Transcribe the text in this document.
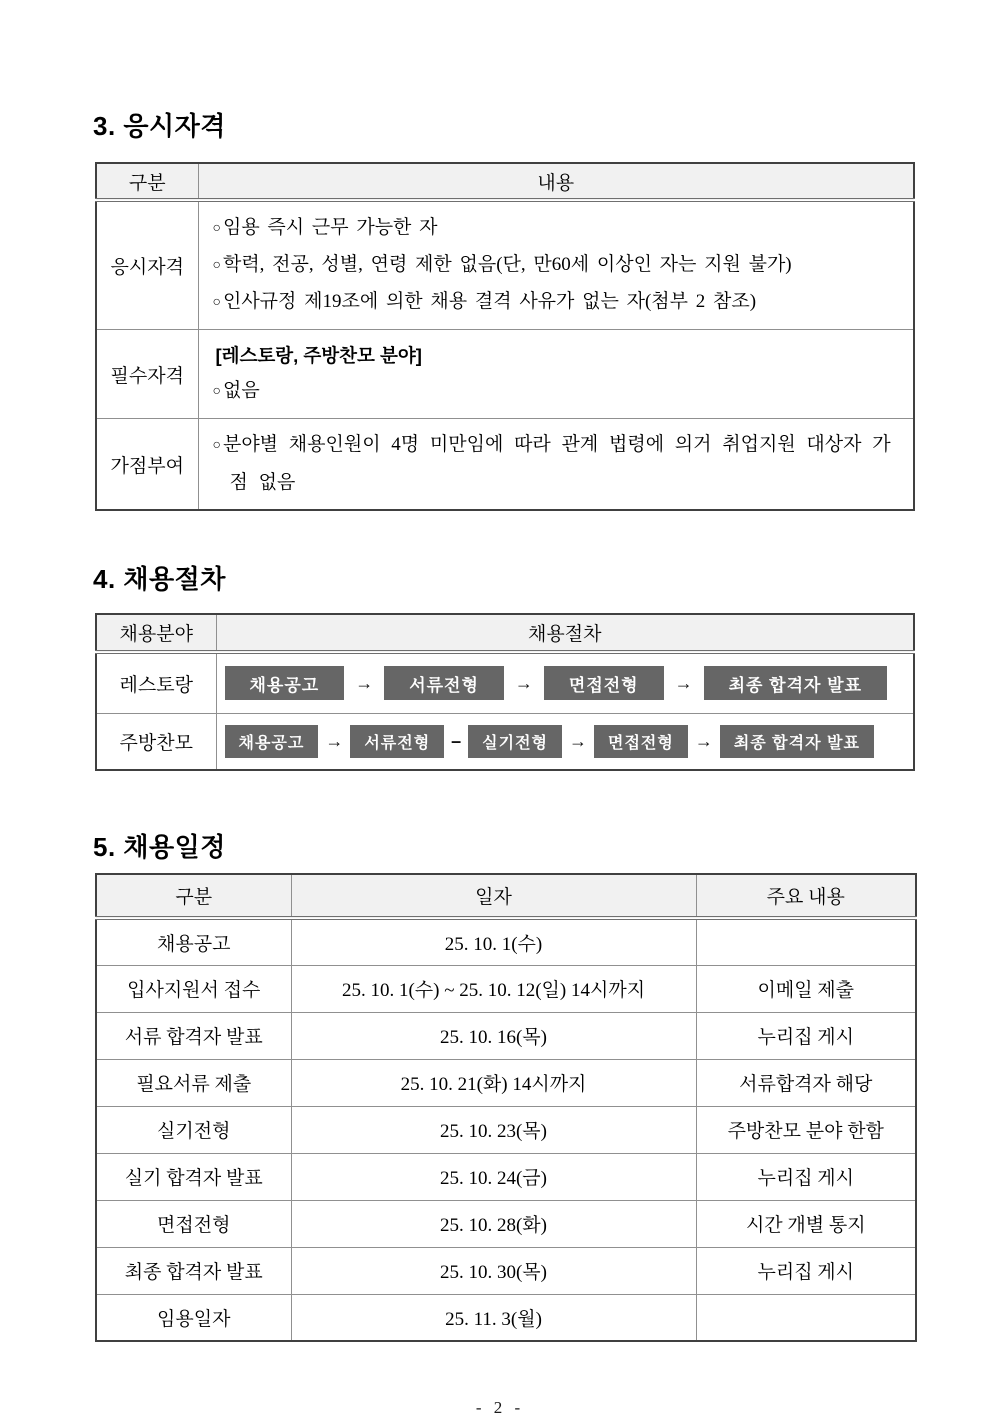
3. 응시자격
구분	내용
응시자격	○ 임용 즉시 근무 가능한 자
○ 학력, 전공, 성별, 연령 제한 없음(단, 만60세 이상인 자는 지원 불가)
○ 인사규정 제19조에 의한 채용 결격 사유가 없는 자(첨부 2 참조)

필수자격	[레스토랑, 주방찬모 분야]
○ 없음

가점부여	○ 분야별 채용인원이 4명 미만임에 따라 관계 법령에 의거 취업지원 대상자 가점 없음
4. 채용절차
채용분야	채용절차
레스토랑	채용공고	→	서류전형	→	면접전형	→	최종 합격자 발표

주방찬모	채용공고	→	서류전형	–	실기전형	→	면접전형	→	최종 합격자 발표
5. 채용일정
구분	일자	주요 내용
채용공고	25. 10. 1(수)	
입사지원서 접수	25. 10. 1(수) ~ 25. 10. 12(일) 14시까지	이메일 제출
서류 합격자 발표	25. 10. 16(목)	누리집 게시
필요서류 제출	25. 10. 21(화) 14시까지	서류합격자 해당
실기전형	25. 10. 23(목)	주방찬모 분야 한함
실기 합격자 발표	25. 10. 24(금)	누리집 게시
면접전형	25. 10. 28(화)	시간 개별 통지
최종 합격자 발표	25. 10. 30(목)	누리집 게시
임용일자	25. 11. 3(월)	
- 2 -
